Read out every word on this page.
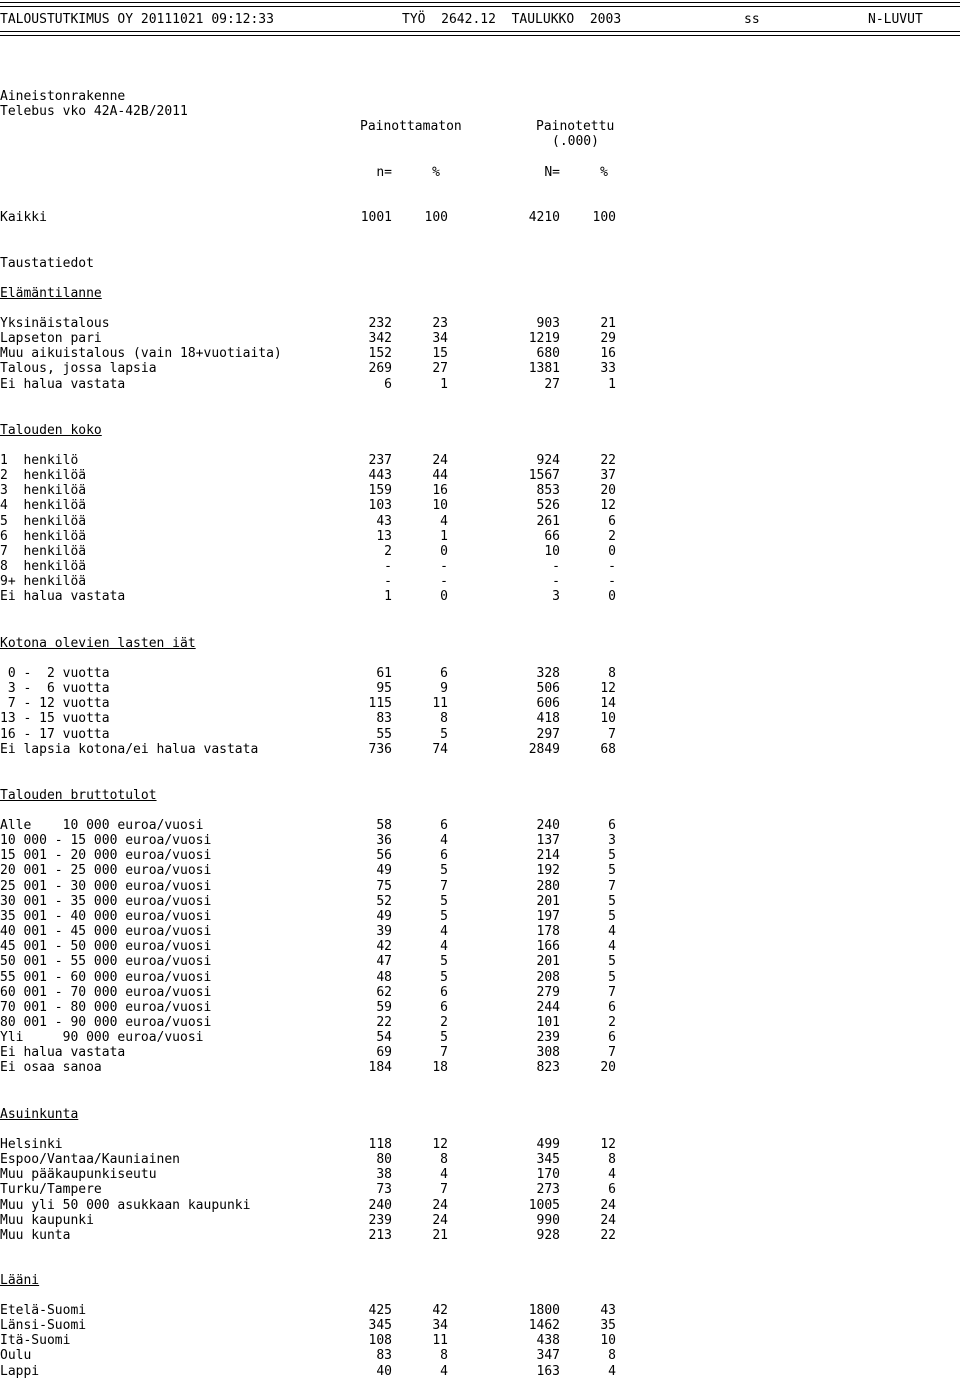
TALOUSTUTKIMUS OY 20111021 09:12:33	TYÖ  2642.12  TAULUKKO  2003	ss	N-LUVUT
Aineistonrakenne
Telebus vko 42A-42B/2011
Painottamaton	Painotettu
(.000)
n=	%	N=	%
Kaikki	1001	100	4210	100
Taustatiedot
Elämäntilanne
Yksinäistalous	232	23	903	21
Lapseton pari	342	34	1219	29
Muu aikuistalous (vain 18+vuotiaita)	152	15	680	16
Talous, jossa lapsia	269	27	1381	33
Ei halua vastata	6	1	27	1
Talouden koko
1  henkilö	237	24	924	22
2  henkilöä	443	44	1567	37
3  henkilöä	159	16	853	20
4  henkilöä	103	10	526	12
5  henkilöä	43	4	261	6
6  henkilöä	13	1	66	2
7  henkilöä	2	0	10	0
8  henkilöä	-	-	-	-
9+ henkilöä	-	-	-	-
Ei halua vastata	1	0	3	0
Kotona olevien lasten iät
0 -  2 vuotta	61	6	328	8
3 -  6 vuotta	95	9	506	12
7 - 12 vuotta	115	11	606	14
13 - 15 vuotta	83	8	418	10
16 - 17 vuotta	55	5	297	7
Ei lapsia kotona/ei halua vastata	736	74	2849	68
Talouden bruttotulot
Alle    10 000 euroa/vuosi	58	6	240	6
10 000 - 15 000 euroa/vuosi	36	4	137	3
15 001 - 20 000 euroa/vuosi	56	6	214	5
20 001 - 25 000 euroa/vuosi	49	5	192	5
25 001 - 30 000 euroa/vuosi	75	7	280	7
30 001 - 35 000 euroa/vuosi	52	5	201	5
35 001 - 40 000 euroa/vuosi	49	5	197	5
40 001 - 45 000 euroa/vuosi	39	4	178	4
45 001 - 50 000 euroa/vuosi	42	4	166	4
50 001 - 55 000 euroa/vuosi	47	5	201	5
55 001 - 60 000 euroa/vuosi	48	5	208	5
60 001 - 70 000 euroa/vuosi	62	6	279	7
70 001 - 80 000 euroa/vuosi	59	6	244	6
80 001 - 90 000 euroa/vuosi	22	2	101	2
Yli     90 000 euroa/vuosi	54	5	239	6
Ei halua vastata	69	7	308	7
Ei osaa sanoa	184	18	823	20
Asuinkunta
Helsinki	118	12	499	12
Espoo/Vantaa/Kauniainen	80	8	345	8
Muu pääkaupunkiseutu	38	4	170	4
Turku/Tampere	73	7	273	6
Muu yli 50 000 asukkaan kaupunki	240	24	1005	24
Muu kaupunki	239	24	990	24
Muu kunta	213	21	928	22
Lääni
Etelä-Suomi	425	42	1800	43
Länsi-Suomi	345	34	1462	35
Itä-Suomi	108	11	438	10
Oulu	83	8	347	8
Lappi	40	4	163	4
